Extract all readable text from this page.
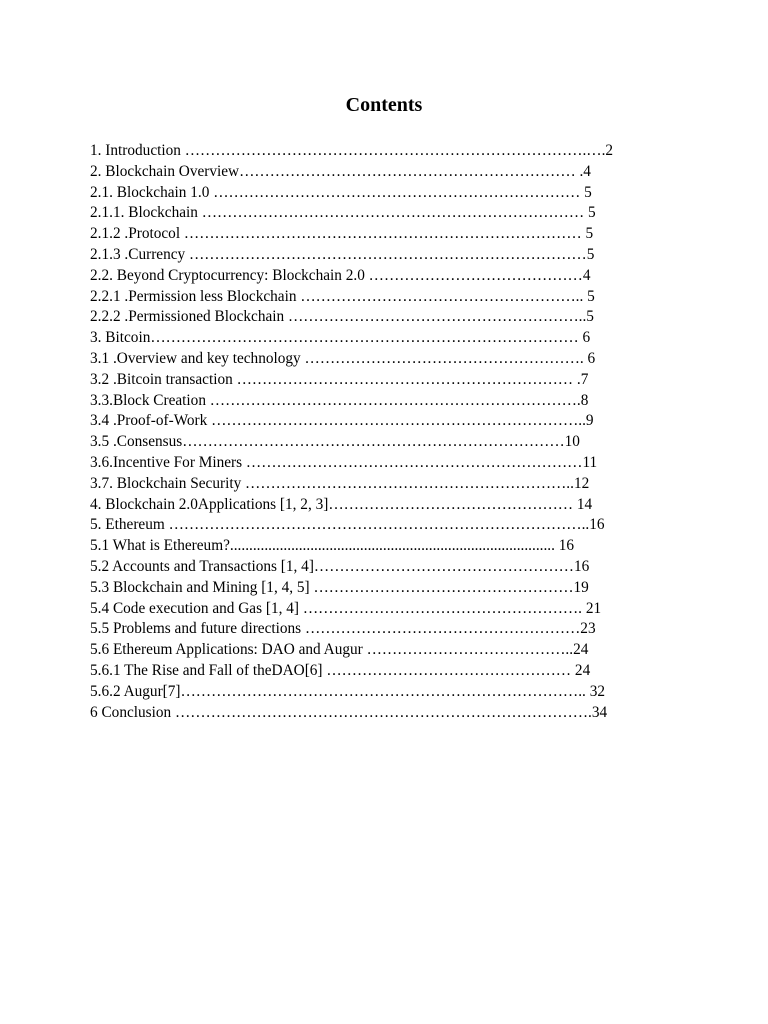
Contents
1. Introduction …………………………………………………………………….….2
2. Blockchain Overview………………………………………………………… .4
2.1. Blockchain 1.0 ……………………………………………………………… 5
2.1.1. Blockchain ………………………………………………………………… 5
2.1.2 .Protocol …………………………………………………………………… 5
2.1.3 .Currency ……………………………………………………………………5
2.2. Beyond Cryptocurrency: Blockchain 2.0 ……………………………………4
2.2.1 .Permission less Blockchain ……………………………………………….. 5
2.2.2 .Permissioned Blockchain …………………………………………………..5
3. Bitcoin………………………………………………………………………… 6
3.1 .Overview and key technology ………………………………………………. 6
3.2 .Bitcoin transaction ………………………………………………………… .7
3.3.Block Creation ……………………………………………………………….8
3.4 .Proof-of-Work ………………………………………………………………..9
3.5 .Consensus…………………………………………………………………10
3.6.Incentive For Miners …………………………………………………………11
3.7. Blockchain Security ………………………………………………………..12
4. Blockchain 2.0Applications [1, 2, 3]………………………………………… 14
5. Ethereum ………………………………………………………………………..16
5.1 What is Ethereum?..................................................................................... 16
5.2 Accounts and Transactions [1, 4]……………………………………………16
5.3 Blockchain and Mining [1, 4, 5] ……………………………………………19
5.4 Code execution and Gas [1, 4] ………………………………………………. 21
5.5 Problems and future directions ………………………………………………23
5.6 Ethereum Applications: DAO and Augur …………………………………..24
5.6.1 The Rise and Fall of theDAO[6] ………………………………………… 24
5.6.2 Augur[7]…………………………………………………………………….. 32
6 Conclusion ……………………………………………………………………….34
